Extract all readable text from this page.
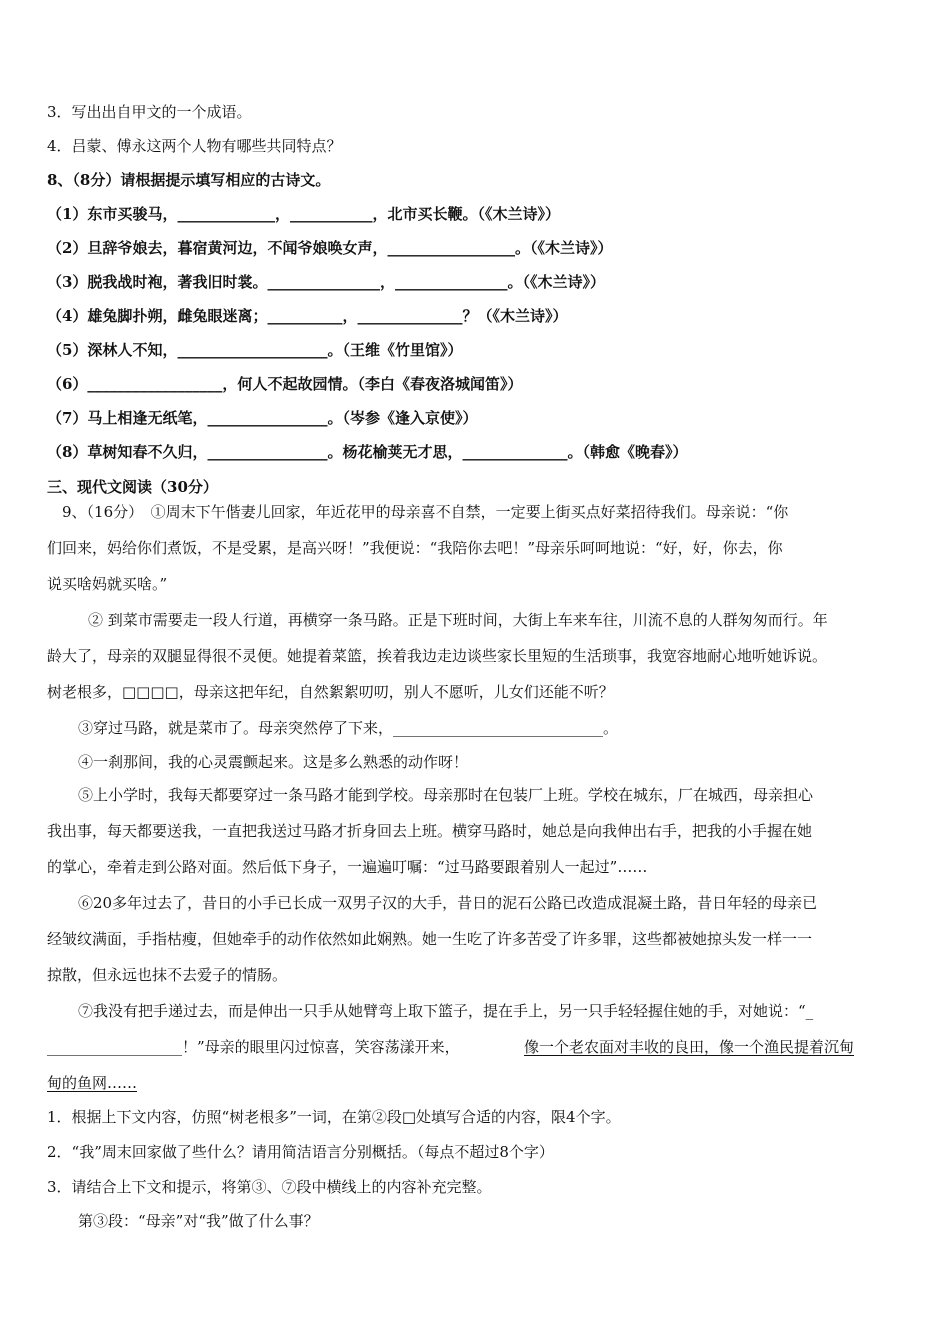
3．写出出自甲文的一个成语。
4．吕蒙、傅永这两个人物有哪些共同特点？
8、（8分）请根据提示填写相应的古诗文。
（1）东市买骏马，_____________，___________，北市买长鞭。（《木兰诗》）
（2）旦辞爷娘去，暮宿黄河边，不闻爷娘唤女声，_________________。（《木兰诗》）
（3）脱我战时袍，著我旧时裳。_______________，_______________。（《木兰诗》）
（4）雄兔脚扑朔，雌兔眼迷离；__________，______________？（《木兰诗》）
（5）深林人不知，____________________。（王维《竹里馆》）
（6）__________________，何人不起故园情。（李白《春夜洛城闻笛》）
（7）马上相逢无纸笔，________________。（岑参《逢入京使》）
（8）草树知春不久归，________________。杨花榆荚无才思，______________。（韩愈《晚春》）
三、现代文阅读（30分）
9、（16分）　①周末下午偕妻儿回家，年近花甲的母亲喜不自禁，一定要上街买点好菜招待我们。母亲说：“你
们回来，妈给你们煮饭，不是受累，是高兴呀！”我便说：“我陪你去吧！”母亲乐呵呵地说：“好，好，你去，你
说买啥妈就买啥。”
② 到菜市需要走一段人行道，再横穿一条马路。正是下班时间，大街上车来车往，川流不息的人群匆匆而行。年
龄大了，母亲的双腿显得很不灵便。她提着菜篮，挨着我边走边谈些家长里短的生活琐事，我宽容地耐心地听她诉说。
树老根多，□□□□，母亲这把年纪，自然絮絮叨叨，别人不愿听，儿女们还能不听？
③穿过马路，就是菜市了。母亲突然停了下来，____________________________。
④一刹那间，我的心灵震颤起来。这是多么熟悉的动作呀！
⑤上小学时，我每天都要穿过一条马路才能到学校。母亲那时在包装厂上班。学校在城东，厂在城西，母亲担心
我出事，每天都要送我，一直把我送过马路才折身回去上班。横穿马路时，她总是向我伸出右手，把我的小手握在她
的掌心，牵着走到公路对面。然后低下身子，一遍遍叮嘱：“过马路要跟着别人一起过”……
⑥20多年过去了，昔日的小手已长成一双男子汉的大手，昔日的泥石公路已改造成混凝土路，昔日年轻的母亲已
经皱纹满面，手指枯瘦，但她牵手的动作依然如此娴熟。她一生吃了许多苦受了许多罪，这些都被她掠头发一样一一
掠散，但永远也抹不去爱子的情肠。
⑦我没有把手递过去，而是伸出一只手从她臂弯上取下篮子，提在手上，另一只手轻轻握住她的手，对她说：“_
__________________！”母亲的眼里闪过惊喜，笑容荡漾开来，	像一个老农面对丰收的良田，像一个渔民提着沉甸
甸的鱼网……
1．根据上下文内容，仿照“树老根多”一词，在第②段□处填写合适的内容，限4个字。
2．“我”周末回家做了些什么？请用简洁语言分别概括。（每点不超过8个字）
3．请结合上下文和提示，将第③、⑦段中横线上的内容补充完整。
第③段：“母亲”对“我”做了什么事？
